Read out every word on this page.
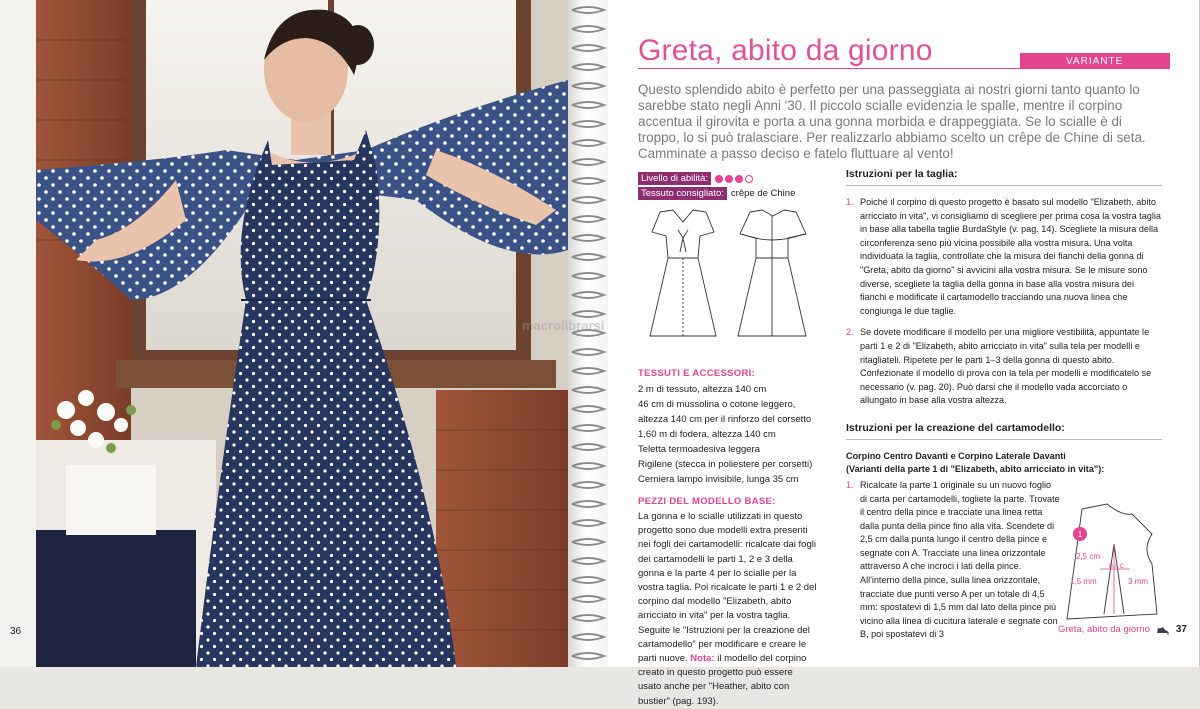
36
macrolibrarsi
Greta, abito da giorno	VARIANTE

Questo splendido abito è perfetto per una passeggiata ai nostri giorni tanto quanto lo sarebbe stato negli Anni '30. Il piccolo scialle evidenzia le spalle, mentre il corpino accentua il girovita e porta a una gonna morbida e drappeggiata. Se lo scialle è di troppo, lo si può tralasciare. Per realizzarlo abbiamo scelto un crêpe de Chine di seta. Camminate a passo deciso e fatelo fluttuare al vento!

Livello di abilità:
Tessuto consigliato: crêpe de Chine
TESSUTI E ACCESSORI:
2 m di tessuto, altezza 140 cm
46 cm di mussolina o cotone leggero,
altezza 140 cm per il rinforzo del corsetto
1,60 m di fodera, altezza 140 cm
Teletta termoadesiva leggera
Rigilene (stecca in poliestere per corsetti)
Cerniera lampo invisibile, lunga 35 cm
PEZZI DEL MODELLO BASE:

La gonna e lo scialle utilizzati in questo progetto sono due modelli extra presenti nei fogli dei cartamodelli: ricalcate dai fogli dei cartamodelli le parti 1, 2 e 3 della gonna e la parte 4 per lo scialle per la vostra taglia. Poi ricalcate le parti 1 e 2 del corpino dal modello "Elizabeth, abito arricciato in vita" per la vostra taglia. Seguite le "Istruzioni per la creazione del cartamodello" per modificare e creare le parti nuove. Nota: il modello del corpino creato in questo progetto può essere usato anche per "Heather, abito con bustier" (pag. 193).

Istruzioni per la taglia:
1. Poiché il corpino di questo progetto è basato sul modello "Elizabeth, abito arricciato in vita", vi consigliamo di scegliere per prima cosa la vostra taglia in base alla tabella taglie BurdaStyle (v. pag. 14). Scegliete la misura della circonferenza seno più vicina possibile alla vostra misura. Una volta individuata la taglia, controllate che la misura dei fianchi della gonna di "Greta, abito da giorno" si avvicini alla vostra misura. Se le misure sono diverse, scegliete la taglia della gonna in base alla vostra misura dei fianchi e modificate il cartamodello tracciando una nuova linea che congiunga le due taglie.
2. Se dovete modificare il modello per una migliore vestibilità, appuntate le parti 1 e 2 di "Elizabeth, abito arricciato in vita" sulla tela per modelli e ritagliateli. Ripetete per le parti 1–3 della gonna di questo abito. Confezionate il modello di prova con la tela per modelli e modificatelo se necessario (v. pag. 20). Può darsi che il modello vada accorciato o allungato in base alla vostra altezza.
Istruzioni per la creazione del cartamodello:
Corpino Centro Davanti e Corpino Laterale Davanti
(Varianti della parte 1 di "Elizabeth, abito arricciato in vita"):
1. Ricalcate la parte 1 originale su un nuovo foglio di carta per cartamodelli, togliete la parte. Trovate il centro della pince e tracciate una linea retta dalla punta della pince fino alla vita. Scendete di 2,5 cm dalla punta lungo il centro della pince e segnate con A. Tracciate una linea orizzontale attraverso A che incroci i lati della pince. All'interno della pince, sulla linea orizzontale, tracciate due punti verso A per un totale di 4,5 mm: spostatevi di 1,5 mm dal lato della pince più vicino alla linea di cucitura laterale e segnate con B, poi spostatevi di 3
1
2,5 cm
B A C
1,5 mm	3 mm
Greta, abito da giorno	37
